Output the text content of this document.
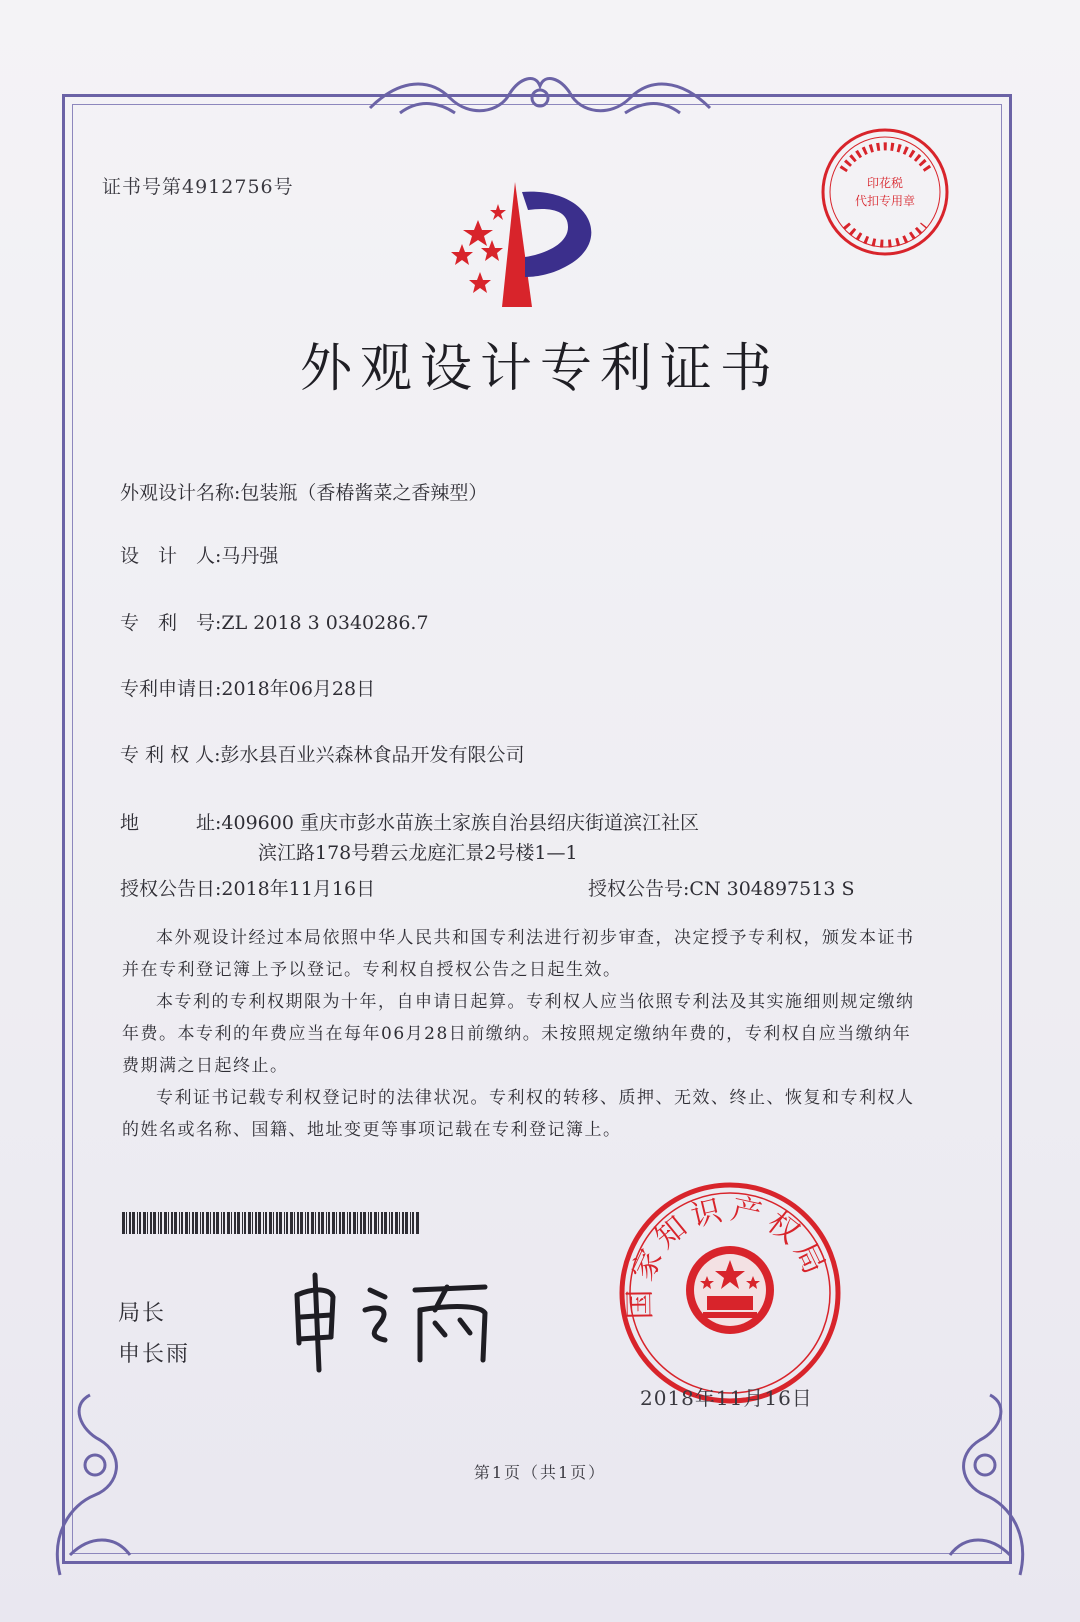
证书号第4912756号	印花税
代扣专用章
外观设计专利证书
外观设计名称:包装瓶（香椿酱菜之香辣型）
设　计　人:马丹强
专　利　号:ZL 2018 3 0340286.7
专利申请日:2018年06月28日
专 利 权 人:彭水县百业兴森林食品开发有限公司
地　　　址:409600 重庆市彭水苗族土家族自治县绍庆街道滨江社区
滨江路178号碧云龙庭汇景2号楼1—1
授权公告日:2018年11月16日	授权公告号:CN 304897513 S
本外观设计经过本局依照中华人民共和国专利法进行初步审查，决定授予专利权，颁发本证书并在专利登记簿上予以登记。专利权自授权公告之日起生效。
本专利的专利权期限为十年，自申请日起算。专利权人应当依照专利法及其实施细则规定缴纳年费。本专利的年费应当在每年06月28日前缴纳。未按照规定缴纳年费的，专利权自应当缴纳年费期满之日起终止。
专利证书记载专利权登记时的法律状况。专利权的转移、质押、无效、终止、恢复和专利权人的姓名或名称、国籍、地址变更等事项记载在专利登记簿上。
局长
申长雨
国家知识产权局
2018年11月16日
第1页（共1页）
